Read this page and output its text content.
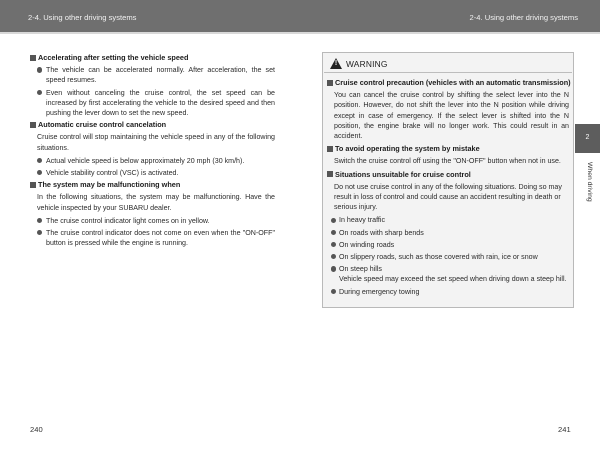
2-4. Using other driving systems	2-4. Using other driving systems
Accelerating after setting the vehicle speed
The vehicle can be accelerated normally. After acceleration, the set speed resumes.
Even without canceling the cruise control, the set speed can be increased by first accelerating the vehicle to the desired speed and then pushing the lever down to set the new speed.
Automatic cruise control cancelation
Cruise control will stop maintaining the vehicle speed in any of the following situations.
Actual vehicle speed is below approximately 20 mph (30 km/h).
Vehicle stability control (VSC) is activated.
The system may be malfunctioning when
In the following situations, the system may be malfunctioning. Have the vehicle inspected by your SUBARU dealer.
The cruise control indicator light comes on in yellow.
The cruise control indicator does not come on even when the "ON-OFF" button is pressed while the engine is running.
! WARNING
Cruise control precaution (vehicles with an automatic transmission)
You can cancel the cruise control by shifting the select lever into the N position. However, do not shift the lever into the N position while driving except in case of emergency. If the select lever is shifted into the N position, the engine brake will no longer work. This could result in an accident.
To avoid operating the system by mistake
Switch the cruise control off using the "ON-OFF" button when not in use.
Situations unsuitable for cruise control
Do not use cruise control in any of the following situations. Doing so may result in loss of control and could cause an accident resulting in death or serious injury.
In heavy traffic
On roads with sharp bends
On winding roads
On slippery roads, such as those covered with rain, ice or snow
On steep hills
Vehicle speed may exceed the set speed when driving down a steep hill.
During emergency towing
2
When driving
240	241
